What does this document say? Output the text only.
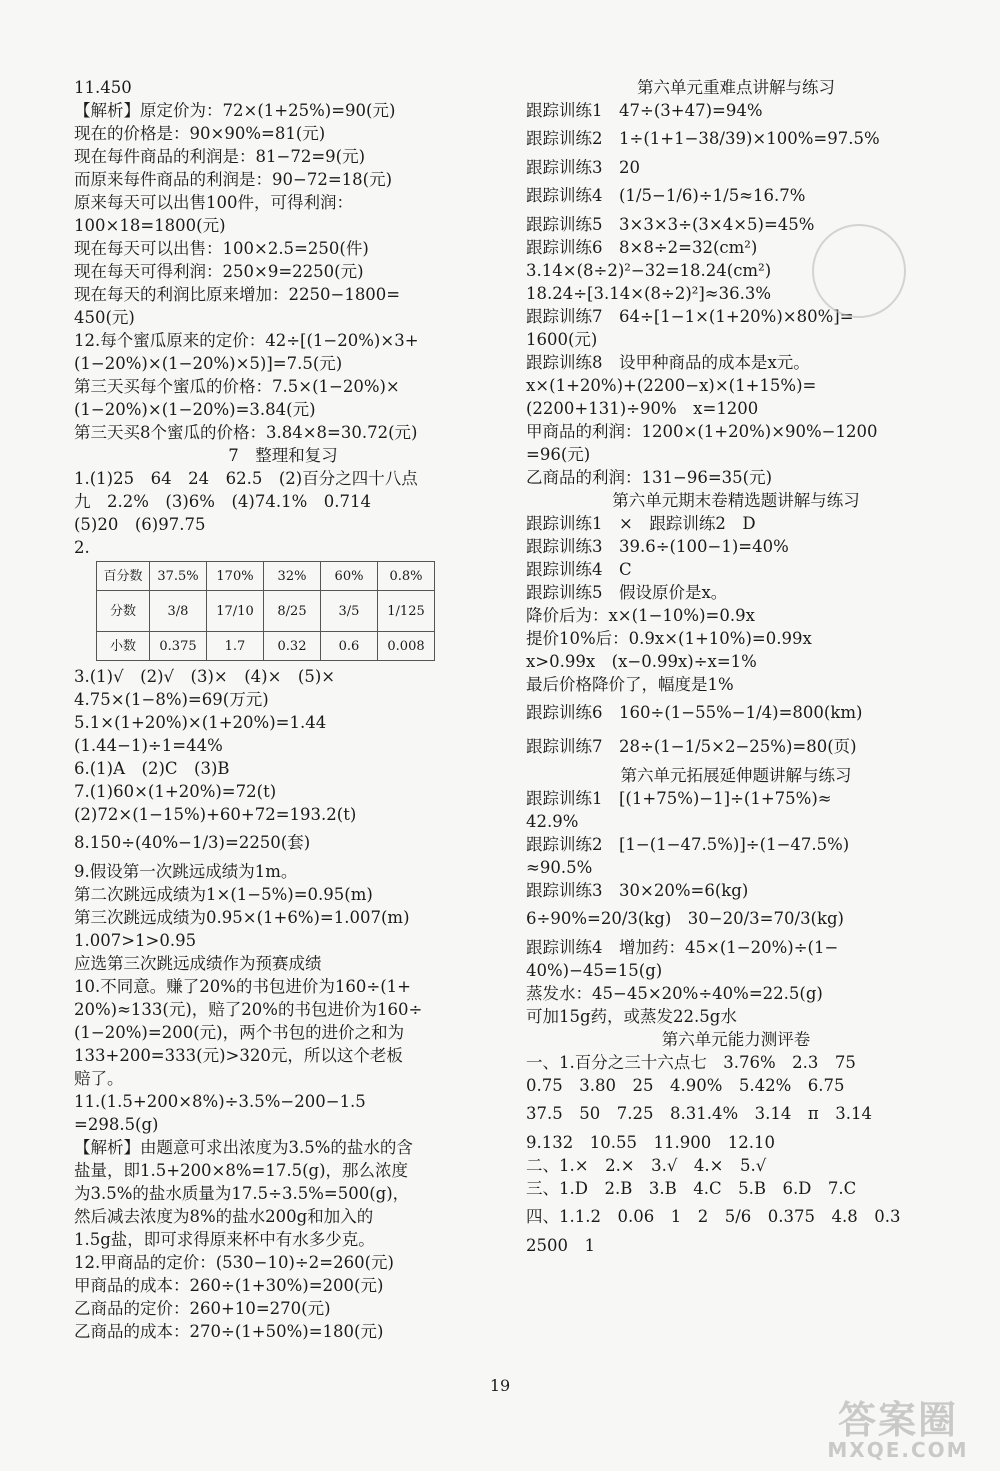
11.450
【解析】原定价为：72×(1+25%)=90(元)
现在的价格是：90×90%=81(元)
现在每件商品的利润是：81−72=9(元)
而原来每件商品的利润是：90−72=18(元)
原来每天可以出售100件，可得利润：
100×18=1800(元)
现在每天可以出售：100×2.5=250(件)
现在每天可得利润：250×9=2250(元)
现在每天的利润比原来增加：2250−1800=
450(元)
12.每个蜜瓜原来的定价：42÷[(1−20%)×3+
(1−20%)×(1−20%)×5)]=7.5(元)
第三天买每个蜜瓜的价格：7.5×(1−20%)×
(1−20%)×(1−20%)=3.84(元)
第三天买8个蜜瓜的价格：3.84×8=30.72(元)
7　整理和复习
1.(1)25　64　24　62.5　(2)百分之四十八点
九　2.2%　(3)6%　(4)74.1%　0.714
(5)20　(6)97.75
2.
百分数	37.5%	170%	32%	60%	0.8%
分数	3/8	17/10	8/25	3/5	1/125
小数	0.375	1.7	0.32	0.6	0.008
3.(1)√　(2)√　(3)×　(4)×　(5)×
4.75×(1−8%)=69(万元)
5.1×(1+20%)×(1+20%)=1.44
(1.44−1)÷1=44%
6.(1)A　(2)C　(3)B
7.(1)60×(1+20%)=72(t)
(2)72×(1−15%)+60+72=193.2(t)
8.150÷(40%−1/3)=2250(套)
9.假设第一次跳远成绩为1m。
第二次跳远成绩为1×(1−5%)=0.95(m)
第三次跳远成绩为0.95×(1+6%)=1.007(m)
1.007>1>0.95
应选第三次跳远成绩作为预赛成绩
10.不同意。赚了20%的书包进价为160÷(1+
20%)≈133(元)，赔了20%的书包进价为160÷
(1−20%)=200(元)，两个书包的进价之和为
133+200=333(元)>320元，所以这个老板
赔了。
11.(1.5+200×8%)÷3.5%−200−1.5
=298.5(g)
【解析】由题意可求出浓度为3.5%的盐水的含
盐量，即1.5+200×8%=17.5(g)，那么浓度
为3.5%的盐水质量为17.5÷3.5%=500(g)，
然后减去浓度为8%的盐水200g和加入的
1.5g盐，即可求得原来杯中有水多少克。
12.甲商品的定价：(530−10)÷2=260(元)
甲商品的成本：260÷(1+30%)=200(元)
乙商品的定价：260+10=270(元)
乙商品的成本：270÷(1+50%)=180(元)
第六单元重难点讲解与练习
跟踪训练1　47÷(3+47)=94%
跟踪训练2　1÷(1+1−38/39)×100%=97.5%
跟踪训练3　20
跟踪训练4　(1/5−1/6)÷1/5≈16.7%
跟踪训练5　3×3×3÷(3×4×5)=45%
跟踪训练6　8×8÷2=32(cm²)
3.14×(8÷2)²−32=18.24(cm²)
18.24÷[3.14×(8÷2)²]≈36.3%
跟踪训练7　64÷[1−1×(1+20%)×80%]=
1600(元)
跟踪训练8　设甲种商品的成本是x元。
x×(1+20%)+(2200−x)×(1+15%)=
(2200+131)÷90%　x=1200
甲商品的利润：1200×(1+20%)×90%−1200
=96(元)
乙商品的利润：131−96=35(元)
第六单元期末卷精选题讲解与练习
跟踪训练1　×　跟踪训练2　D
跟踪训练3　39.6÷(100−1)=40%
跟踪训练4　C
跟踪训练5　假设原价是x。
降价后为：x×(1−10%)=0.9x
提价10%后：0.9x×(1+10%)=0.99x
x>0.99x　(x−0.99x)÷x=1%
最后价格降价了，幅度是1%
跟踪训练6　160÷(1−55%−1/4)=800(km)
跟踪训练7　28÷(1−1/5×2−25%)=80(页)
第六单元拓展延伸题讲解与练习
跟踪训练1　[(1+75%)−1]÷(1+75%)≈
42.9%
跟踪训练2　[1−(1−47.5%)]÷(1−47.5%)
≈90.5%
跟踪训练3　30×20%=6(kg)
6÷90%=20/3(kg)　30−20/3=70/3(kg)
跟踪训练4　增加药：45×(1−20%)÷(1−
40%)−45=15(g)
蒸发水：45−45×20%÷40%=22.5(g)
可加15g药，或蒸发22.5g水
第六单元能力测评卷
一、1.百分之三十六点七　3.76%　2.3　75
0.75　3.80　25　4.90%　5.42%　6.75
37.5　50　7.25　8.31.4%　3.14　π　3.14
9.132　10.55　11.900　12.10
二、1.×　2.×　3.√　4.×　5.√
三、1.D　2.B　3.B　4.C　5.B　6.D　7.C
四、1.1.2　0.06　1　2　5/6　0.375　4.8　0.3
2500　1
19
答案圈
MXQE.COM
